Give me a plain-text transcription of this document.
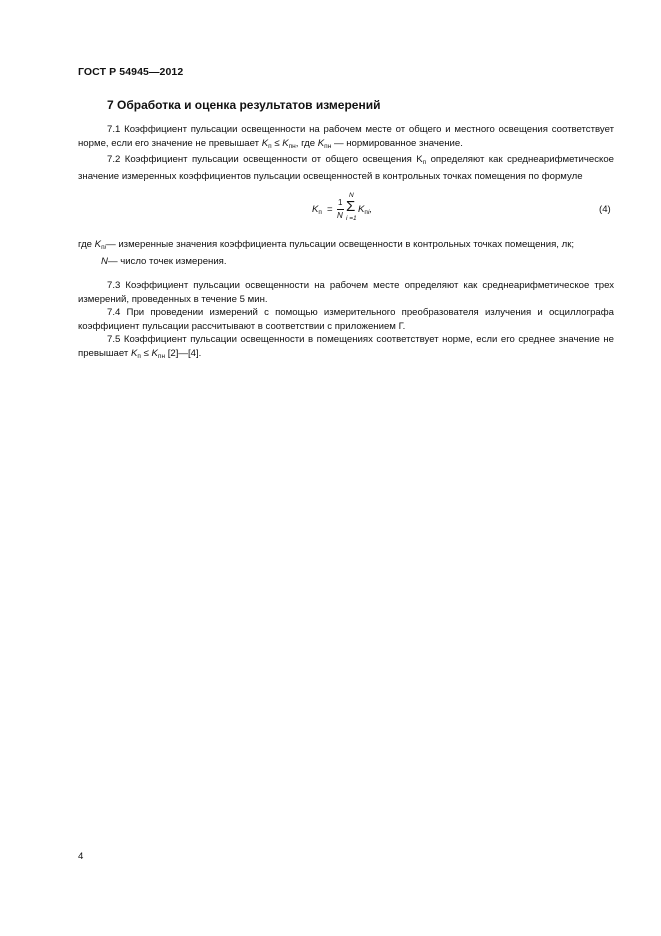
ГОСТ Р 54945—2012
7 Обработка и оценка результатов измерений

7.1 Коэффициент пульсации освещенности на рабочем месте от общего и местного освещения соответствует норме, если его значение не превышает $K_п \le K_{пн}$, где $K_{пн}$ — нормированное значение.

7.2 Коэффициент пульсации освещенности от общего освещения $K_п$ определяют как среднеарифметическое значение измеренных коэффициентов пульсации освещенностей в контрольных точках помещения по формуле

$K_п$ =
1
N
N
Σ
i =1
$K_{пi}$,	(4)
где $K_{пi}$ — измеренные значения коэффициента пульсации освещенности в контрольных точках помещения, лк;
N — число точек измерения.

7.3 Коэффициент пульсации освещенности на рабочем месте определяют как среднеарифметическое трех измерений, проведенных в течение 5 мин.

7.4 При проведении измерений с помощью измерительного преобразователя излучения и осциллографа коэффициент пульсации рассчитывают в соответствии с приложением Г.

7.5 Коэффициент пульсации освещенности в помещениях соответствует норме, если его среднее значение не превышает $K_п \le K_{пн}$ [2]—[4].

4
